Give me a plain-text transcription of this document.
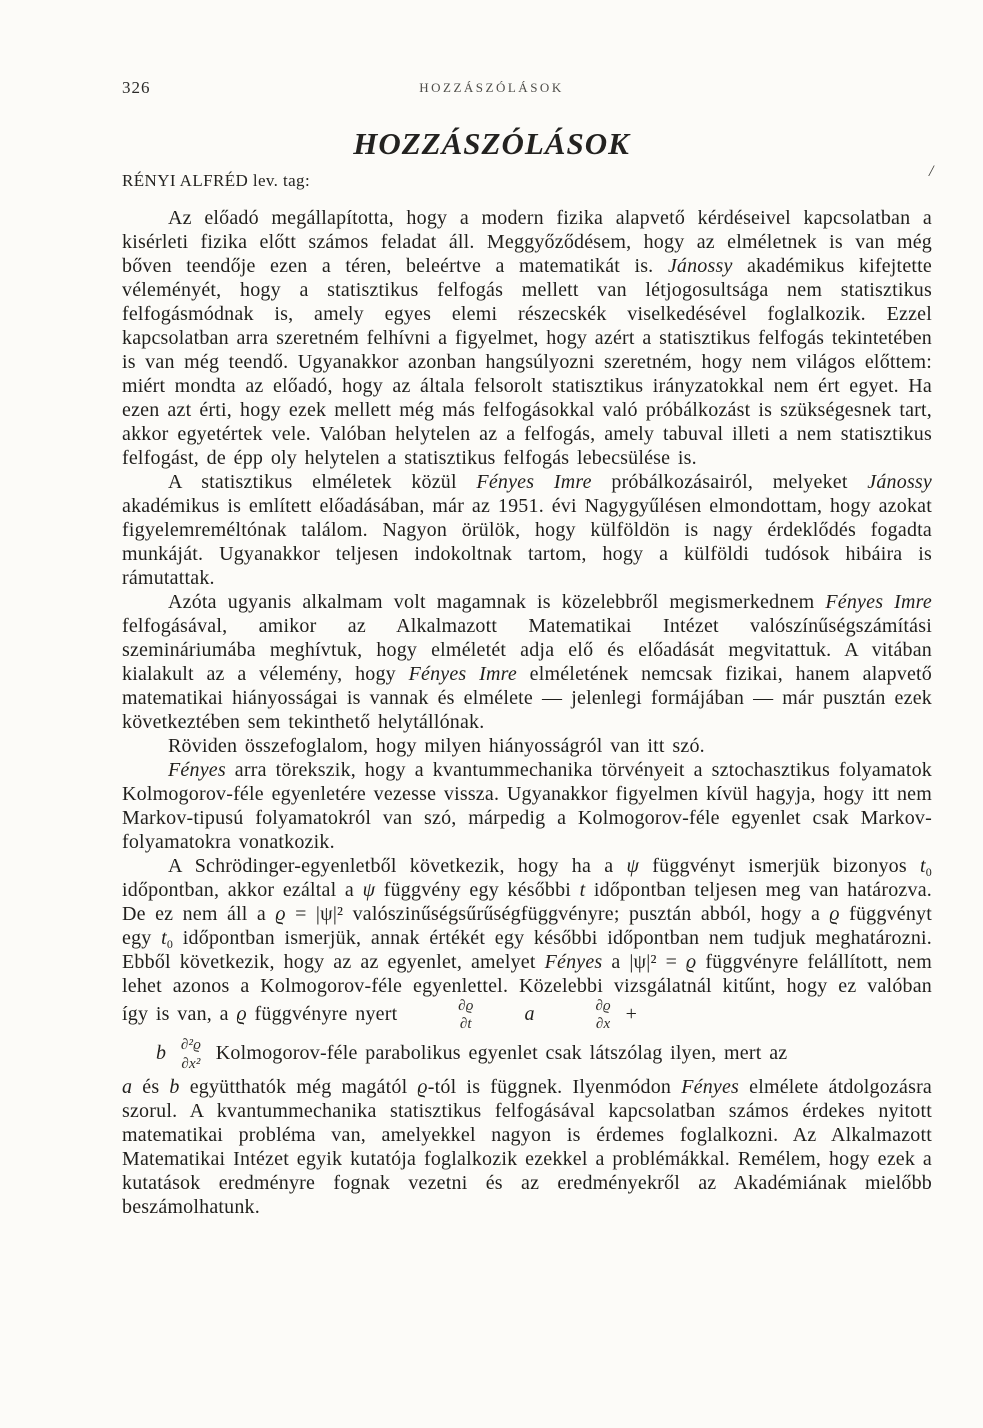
326	HOZZÁSZÓLÁSOK
HOZZÁSZÓLÁSOK
RÉNYI ALFRÉD lev. tag:	/

Az előadó megállapította, hogy a modern fizika alapvető kérdéseivel kapcsolatban a kisérleti fizika előtt számos feladat áll. Meggyőződésem, hogy az elméletnek is van még bőven teendője ezen a téren, beleértve a matematikát is. Jánossy akadémikus kifejtette véleményét, hogy a statisztikus felfogás mellett van létjogosultsága nem statisztikus felfogásmódnak is, amely egyes elemi részecskék viselkedésével foglalkozik. Ezzel kapcsolatban arra szeretném felhívni a figyelmet, hogy azért a statisztikus felfogás tekintetében is van még teendő. Ugyanakkor azonban hangsúlyozni szeretném, hogy nem világos előttem: miért mondta az előadó, hogy az általa felsorolt statisztikus irányzatokkal nem ért egyet. Ha ezen azt érti, hogy ezek mellett még más felfogásokkal való próbálkozást is szükségesnek tart, akkor egyetértek vele. Valóban helytelen az a felfogás, amely tabuval illeti a nem statisztikus felfogást, de épp oly helytelen a statisztikus felfogás lebecsülése is.

A statisztikus elméletek közül Fényes Imre próbálkozásairól, melyeket Jánossy akadémikus is említett előadásában, már az 1951. évi Nagygyűlésen elmondottam, hogy azokat figyelemreméltónak találom. Nagyon örülök, hogy külföldön is nagy érdeklődés fogadta munkáját. Ugyanakkor teljesen indokoltnak tartom, hogy a külföldi tudósok hibáira is rámutattak.

Azóta ugyanis alkalmam volt magamnak is közelebbről megismerkednem Fényes Imre felfogásával, amikor az Alkalmazott Matematikai Intézet valószínűségszámítási szemináriumába meghívtuk, hogy elméletét adja elő és előadását megvitattuk. A vitában kialakult az a vélemény, hogy Fényes Imre elméletének nemcsak fizikai, hanem alapvető matematikai hiányosságai is vannak és elmélete — jelenlegi formájában — már pusztán ezek következtében sem tekinthető helytállónak.

Röviden összefoglalom, hogy milyen hiányosságról van itt szó.

Fényes arra törekszik, hogy a kvantummechanika törvényeit a sztochasztikus folyamatok Kolmogorov-féle egyenletére vezesse vissza. Ugyanakkor figyelmen kívül hagyja, hogy itt nem Markov-tipusú folyamatokról van szó, márpedig a Kolmogorov-féle egyenlet csak Markov-folyamatokra vonatkozik.

A Schrödinger-egyenletből következik, hogy ha a ψ függvényt ismerjük bizonyos $t_0$ időpontban, akkor ezáltal a ψ függvény egy későbbi t időpontban teljesen meg van határozva. De ez nem áll a ϱ = |ψ|² valószinűségsűrűségfüggvényre; pusztán abból, hogy a ϱ függvényt egy $t_0$ időpontban ismerjük, annak értékét egy későbbi időpontban nem tudjuk meghatározni. Ebből következik, hogy az az egyenlet, amelyet Fényes a |ψ|² = ϱ függvényre felállított, nem lehet azonos a Kolmogorov-féle egyenlettel. Közelebbi vizsgálatnál kitűnt, hogy ez valóban így is van, a ϱ függvényre nyert	∂ϱ
∂t	a	∂ϱ
∂x +

b ∂²ϱ
∂x² Kolmogorov-féle parabolikus egyenlet csak látszólag ilyen, mert az

a és b együtthatók még magától ϱ-tól is függnek. Ilyenmódon Fényes elmélete átdolgozásra szorul. A kvantummechanika statisztikus felfogásával kapcsolatban számos érdekes nyitott matematikai probléma van, amelyekkel nagyon is érdemes foglalkozni. Az Alkalmazott Matematikai Intézet egyik kutatója foglalkozik ezekkel a problémákkal. Remélem, hogy ezek a kutatások eredményre fognak vezetni és az eredményekről az Akadémiának mielőbb beszámolhatunk.
